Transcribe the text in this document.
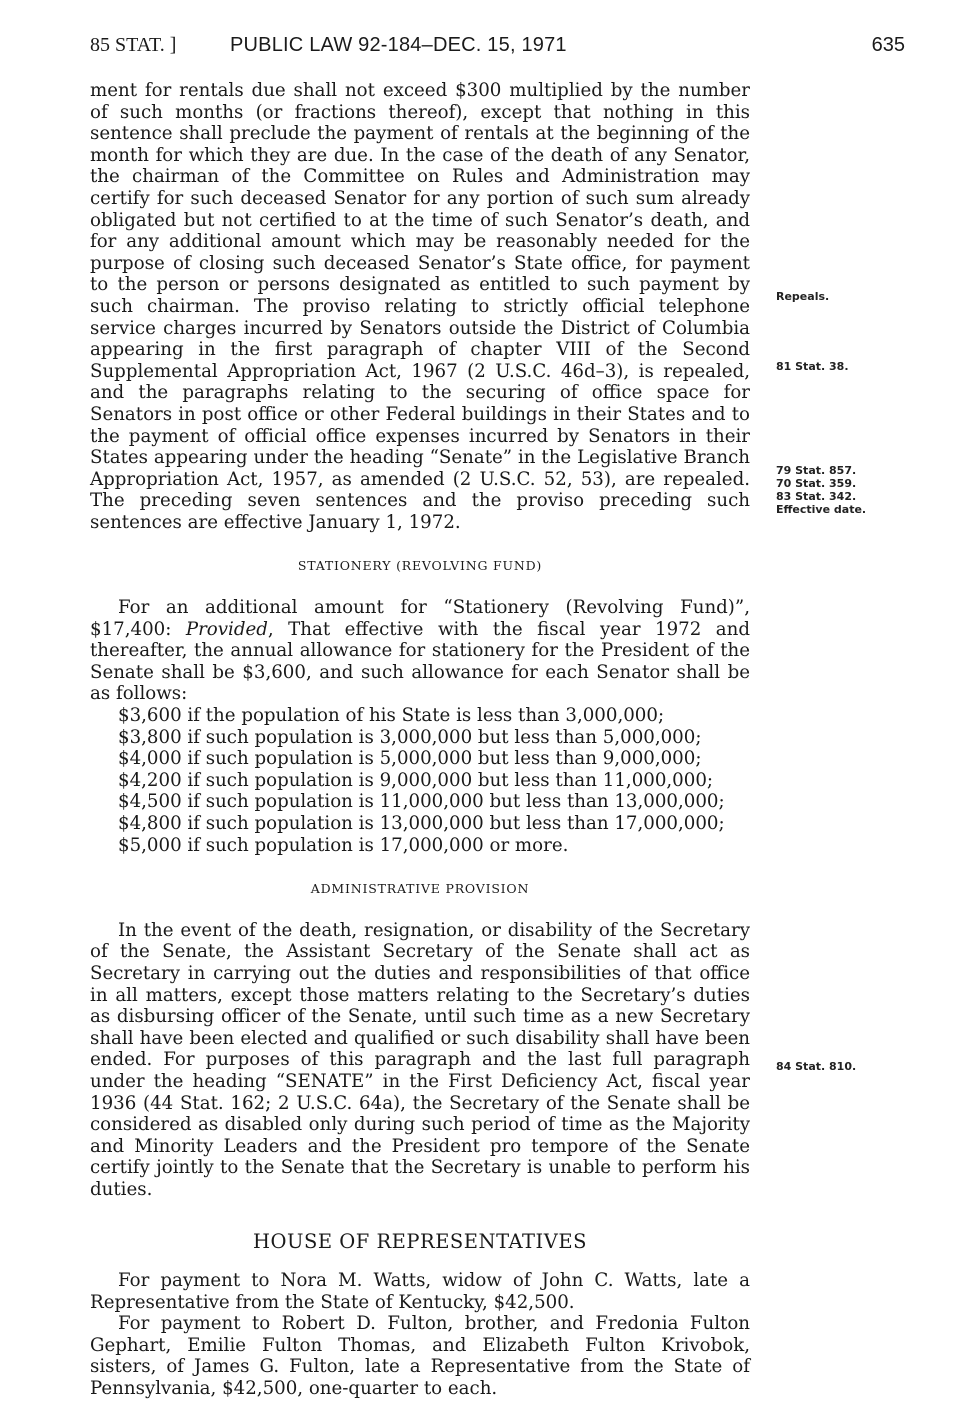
85 STAT. ]	PUBLIC LAW 92-184–DEC. 15, 1971	635

ment for rentals due shall not exceed $300 multiplied by the number of such months (or fractions thereof), except that nothing in this sentence shall preclude the payment of rentals at the beginning of the month for which they are due. In the case of the death of any Senator, the chairman of the Committee on Rules and Administration may certify for such deceased Senator for any portion of such sum already obligated but not certified to at the time of such Senator’s death, and for any additional amount which may be reasonably needed for the purpose of closing such deceased Senator’s State office, for payment to the person or persons designated as entitled to such payment by such chairman. The proviso relating to strictly official telephone service charges incurred by Senators outside the District of Columbia appearing in the first paragraph of chapter VIII of the Second Supplemental Appropriation Act, 1967 (2 U.S.C. 46d–3), is repealed, and the paragraphs relating to the securing of office space for Senators in post office or other Federal buildings in their States and to the payment of official office expenses incurred by Senators in their States appearing under the heading “Senate” in the Legislative Branch Appropriation Act, 1957, as amended (2 U.S.C. 52, 53), are repealed. The preceding seven sentences and the proviso preceding such sentences are effective January 1, 1972.

STATIONERY (REVOLVING FUND)

For an additional amount for “Stationery (Revolving Fund)”, $17,400: Provided, That effective with the fiscal year 1972 and thereafter, the annual allowance for stationery for the President of the Senate shall be $3,600, and such allowance for each Senator shall be as follows:

$3,600 if the population of his State is less than 3,000,000;
$3,800 if such population is 3,000,000 but less than 5,000,000;
$4,000 if such population is 5,000,000 but less than 9,000,000;
$4,200 if such population is 9,000,000 but less than 11,000,000;
$4,500 if such population is 11,000,000 but less than 13,000,000;
$4,800 if such population is 13,000,000 but less than 17,000,000;
$5,000 if such population is 17,000,000 or more.
ADMINISTRATIVE PROVISION

In the event of the death, resignation, or disability of the Secretary of the Senate, the Assistant Secretary of the Senate shall act as Secretary in carrying out the duties and responsibilities of that office in all matters, except those matters relating to the Secretary’s duties as disbursing officer of the Senate, until such time as a new Secretary shall have been elected and qualified or such disability shall have been ended. For purposes of this paragraph and the last full paragraph under the heading “SENATE” in the First Deficiency Act, fiscal year 1936 (44 Stat. 162; 2 U.S.C. 64a), the Secretary of the Senate shall be considered as disabled only during such period of time as the Majority and Minority Leaders and the President pro tempore of the Senate certify jointly to the Senate that the Secretary is unable to perform his duties.

HOUSE OF REPRESENTATIVES

For payment to Nora M. Watts, widow of John C. Watts, late a Representative from the State of Kentucky, $42,500.

For payment to Robert D. Fulton, brother, and Fredonia Fulton Gephart, Emilie Fulton Thomas, and Elizabeth Fulton Krivobok, sisters, of James G. Fulton, late a Representative from the State of Pennsylvania, $42,500, one-quarter to each.

Repeals.
81 Stat. 38.
79 Stat. 857.
70 Stat. 359.
83 Stat. 342.
Effective date.
84 Stat. 810.
